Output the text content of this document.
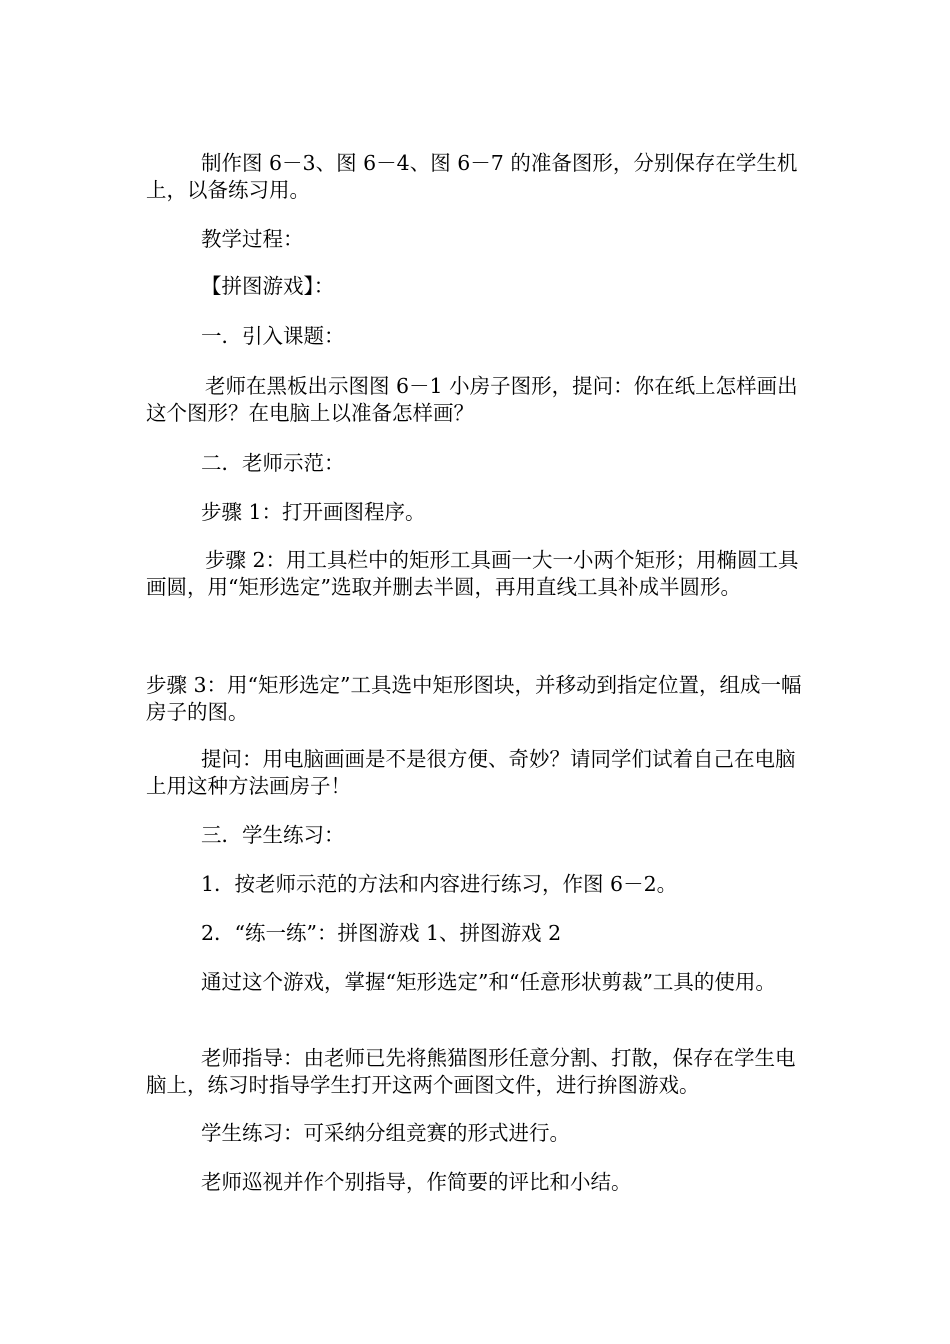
制作图 6－3、图 6－4、图 6－7 的准备图形，分别保存在学生机上，以备练习用。

教学过程：

【拼图游戏】：

一．引入课题：

老师在黑板出示图图 6－1 小房子图形，提问：你在纸上怎样画出这个图形？在电脑上以准备怎样画？

二．老师示范：

步骤 1：打开画图程序。

步骤 2：用工具栏中的矩形工具画一大一小两个矩形；用椭圆工具画圆，用“矩形选定”选取并删去半圆，再用直线工具补成半圆形。

步骤 3：用“矩形选定”工具选中矩形图块，并移动到指定位置，组成一幅房子的图。

提问：用电脑画画是不是很方便、奇妙？请同学们试着自己在电脑上用这种方法画房子！

三．学生练习：

1．按老师示范的方法和内容进行练习，作图 6－2。

2．“练一练”：拼图游戏 1、拼图游戏 2

通过这个游戏，掌握“矩形选定”和“任意形状剪裁”工具的使用。

老师指导：由老师已先将熊猫图形任意分割、打散，保存在学生电脑上，练习时指导学生打开这两个画图文件，进行拚图游戏。

学生练习：可采纳分组竞赛的形式进行。

老师巡视并作个别指导，作简要的评比和小结。
